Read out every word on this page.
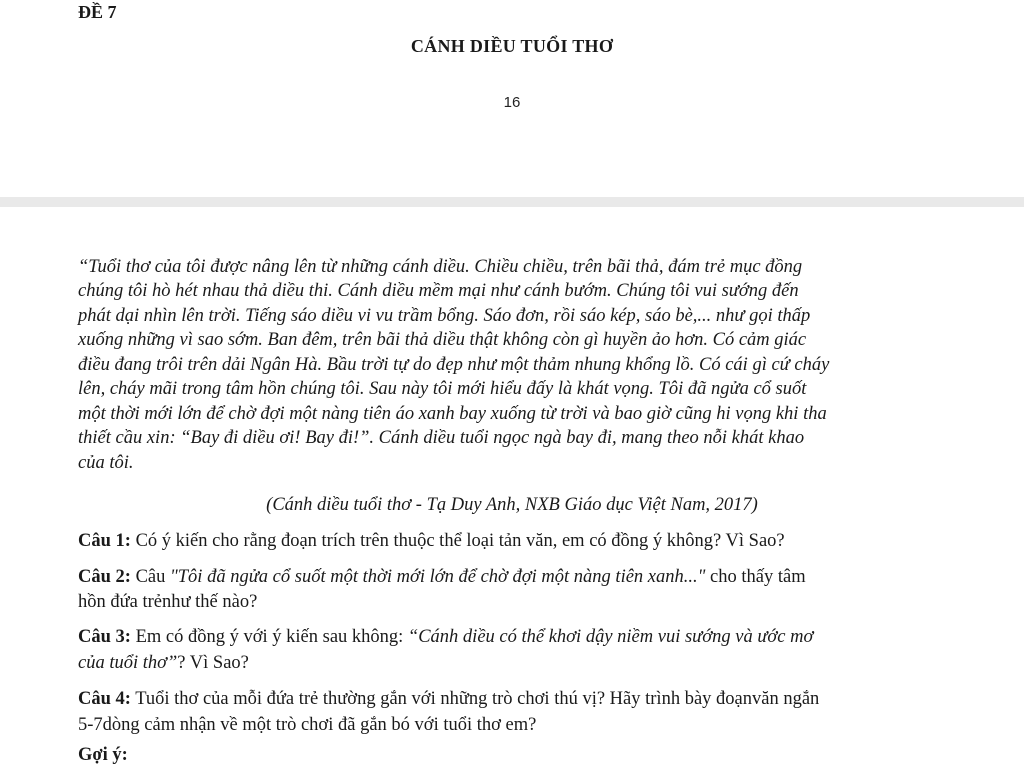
ĐỀ 7
CÁNH DIỀU TUỔI THƠ
16
“Tuổi thơ của tôi được nâng lên từ những cánh diều. Chiều chiều, trên bãi thả, đám trẻ mục đồng
chúng tôi hò hét nhau thả diều thi. Cánh diều mềm mại như cánh bướm. Chúng tôi vui sướng đến
phát dại nhìn lên trời. Tiếng sáo diều vi vu trầm bổng. Sáo đơn, rồi sáo kép, sáo bè,... như gọi thấp
xuống những vì sao sớm. Ban đêm, trên bãi thả diều thật không còn gì huyền ảo hơn. Có cảm giác
điều đang trôi trên dải Ngân Hà. Bầu trời tự do đẹp như một thảm nhung khổng lồ. Có cái gì cứ cháy
lên, cháy mãi trong tâm hồn chúng tôi. Sau này tôi mới hiểu đấy là khát vọng. Tôi đã ngửa cổ suốt
một thời mới lớn để chờ đợi một nàng tiên áo xanh bay xuống từ trời và bao giờ cũng hi vọng khi tha
thiết cầu xin: “Bay đi diều ơi! Bay đi!”. Cánh diều tuổi ngọc ngà bay đi, mang theo nỗi khát khao
của tôi.
(Cánh diều tuổi thơ - Tạ Duy Anh, NXB Giáo dục Việt Nam, 2017)
Câu 1: Có ý kiến cho rằng đoạn trích trên thuộc thể loại tản văn, em có đồng ý không? Vì Sao?
Câu 2: Câu "Tôi đã ngửa cổ suốt một thời mới lớn để chờ đợi một nàng tiên xanh..." cho thấy tâm
hồn đứa trẻnhư thế nào?
Câu 3: Em có đồng ý với ý kiến sau không: “Cánh diều có thể khơi dậy niềm vui sướng và ước mơ
của tuổi thơ”? Vì Sao?
Câu 4: Tuổi thơ của mỗi đứa trẻ thường gắn với những trò chơi thú vị? Hãy trình bày đoạnvăn ngắn
5-7dòng cảm nhận về một trò chơi đã gắn bó với tuổi thơ em?
Gợi ý:
